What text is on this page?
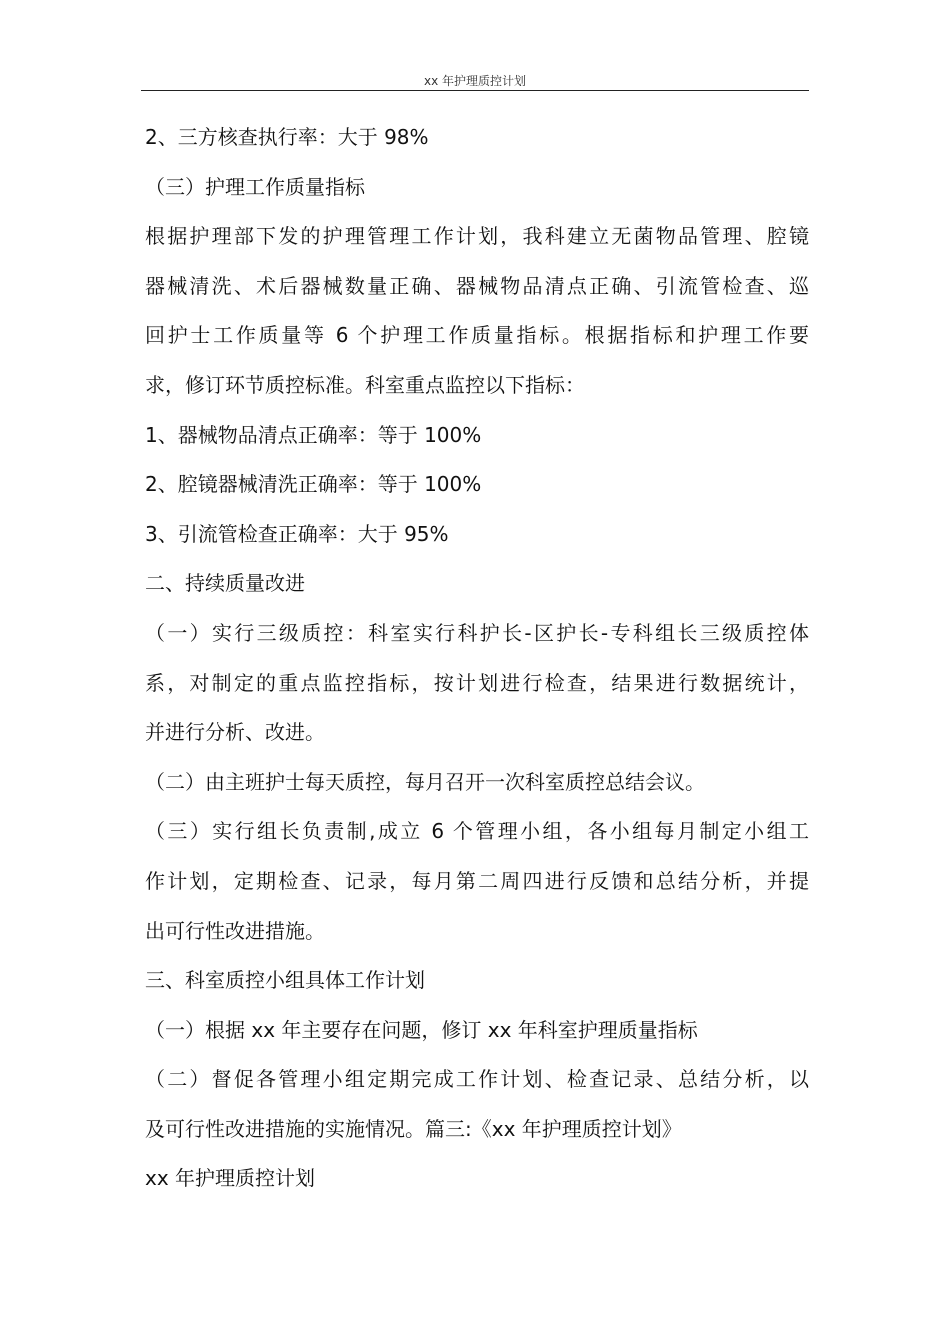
xx 年护理质控计划
2、三方核查执行率：大于 98%
（三）护理工作质量指标
根据护理部下发的护理管理工作计划，我科建立无菌物品管理、腔镜
器械清洗、术后器械数量正确、器械物品清点正确、引流管检查、巡
回护士工作质量等 6 个护理工作质量指标。根据指标和护理工作要
求，修订环节质控标准。科室重点监控以下指标：
1、器械物品清点正确率：等于 100%
2、腔镜器械清洗正确率：等于 100%
3、引流管检查正确率：大于 95%
二、持续质量改进
（一）实行三级质控：科室实行科护长-区护长-专科组长三级质控体
系，对制定的重点监控指标，按计划进行检查，结果进行数据统计，
并进行分析、改进。
（二）由主班护士每天质控，每月召开一次科室质控总结会议。
（三）实行组长负责制,成立 6 个管理小组，各小组每月制定小组工
作计划，定期检查、记录，每月第二周四进行反馈和总结分析，并提
出可行性改进措施。
三、科室质控小组具体工作计划
（一）根据 xx 年主要存在问题，修订 xx 年科室护理质量指标
（二）督促各管理小组定期完成工作计划、检查记录、总结分析，以
及可行性改进措施的实施情况。篇三:《xx 年护理质控计划》
xx 年护理质控计划
